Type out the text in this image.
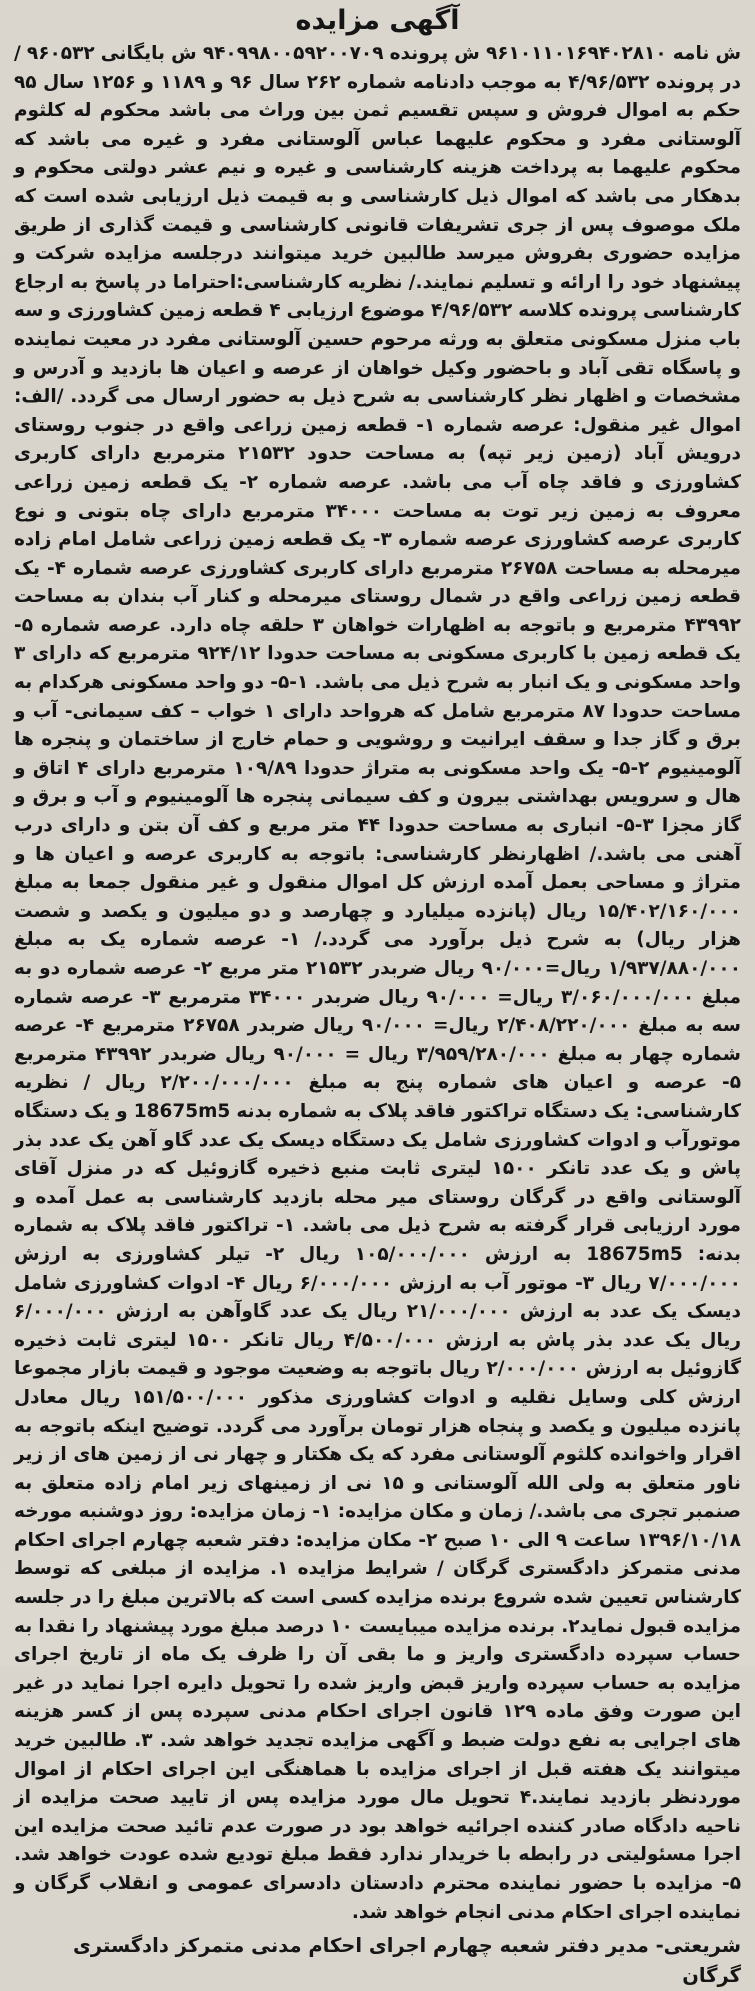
آگهی مزایده

ش نامه ۹۶۱۰۱۱۰۱۶۹۴۰۲۸۱۰ ش پرونده ۹۴۰۹۹۸۰۰۵۹۲۰۰۷۰۹ ش بایگانی ۹۶۰۵۳۲ / در پرونده ۴/۹۶/۵۳۲ به موجب دادنامه شماره ۲۶۲ سال ۹۶ و ۱۱۸۹ و ۱۲۵۶ سال ۹۵ حکم به اموال فروش و سپس تقسیم ثمن بین وراث می باشد محکوم له کلثوم آلوستانی مفرد و محکوم علیهما عباس آلوستانی مفرد و غیره می باشد که محکوم علیهما به پرداخت هزینه کارشناسی و غیره و نیم عشر دولتی محکوم و بدهکار می باشد که اموال ذیل کارشناسی و به قیمت ذیل ارزیابی شده است که ملک موصوف پس از جری تشریفات قانونی کارشناسی و قیمت گذاری از طریق مزایده حضوری بفروش میرسد طالبین خرید میتوانند درجلسه مزایده شرکت و پیشنهاد خود را ارائه و تسلیم نمایند./ نظریه کارشناسی:احتراما در پاسخ به ارجاع کارشناسی پرونده کلاسه ۴/۹۶/۵۳۲ موضوع ارزیابی ۴ قطعه زمین کشاورزی و سه باب منزل مسکونی متعلق به ورثه مرحوم حسین آلوستانی مفرد در معیت نماینده و پاسگاه تقی آباد و باحضور وکیل خواهان از عرصه و اعیان ها بازدید و آدرس و مشخصات و اظهار نظر کارشناسی به شرح ذیل به حضور ارسال می گردد. /الف: اموال غیر منقول: عرصه شماره ۱- قطعه زمین زراعی واقع در جنوب روستای درویش آباد (زمین زیر تپه) به مساحت حدود ۲۱۵۳۲ مترمربع دارای کاربری کشاورزی و فاقد چاه آب می باشد. عرصه شماره ۲- یک قطعه زمین زراعی معروف به زمین زیر توت به مساحت ۳۴۰۰۰ مترمربع دارای چاه بتونی و نوع کاربری عرصه کشاورزی عرصه شماره ۳- یک قطعه زمین زراعی شامل امام زاده میرمحله به مساحت ۲۶۷۵۸ مترمربع دارای کاربری کشاورزی عرصه شماره ۴- یک قطعه زمین زراعی واقع در شمال روستای میرمحله و کنار آب بندان به مساحت ۴۳۹۹۲ مترمربع و باتوجه به اظهارات خواهان ۳ حلقه چاه دارد. عرصه شماره ۵- یک قطعه زمین با کاربری مسکونی به مساحت حدودا ۹۲۴/۱۲ مترمربع که دارای ۳ واحد مسکونی و یک انبار به شرح ذیل می باشد. ۱-۵- دو واحد مسکونی هرکدام به مساحت حدودا ۸۷ مترمربع شامل که هرواحد دارای ۱ خواب – کف سیمانی- آب و برق و گاز جدا و سقف ایرانیت و روشویی و حمام خارج از ساختمان و پنجره ها آلومینیوم ۲-۵- یک واحد مسکونی به متراژ حدودا ۱۰۹/۸۹ مترمربع دارای ۴ اتاق و هال و سرویس بهداشتی بیرون و کف سیمانی پنجره ها آلومینیوم و آب و برق و گاز مجزا ۳-۵- انباری به مساحت حدودا ۴۴ متر مربع و کف آن بتن و دارای درب آهنی می باشد./ اظهارنظر کارشناسی: باتوجه به کاربری عرصه و اعیان ها و متراژ و مساحی بعمل آمده ارزش کل اموال منقول و غیر منقول جمعا به مبلغ ۱۵/۴۰۲/۱۶۰/۰۰۰ ریال (پانزده میلیارد و چهارصد و دو میلیون و یکصد و شصت هزار ریال) به شرح ذیل برآورد می گردد./ ۱- عرصه شماره یک به مبلغ ۱/۹۳۷/۸۸۰/۰۰۰ ریال=۹۰/۰۰۰ ریال ضربدر ۲۱۵۳۲ متر مربع ۲- عرصه شماره دو به مبلغ ۳/۰۶۰/۰۰۰/۰۰۰ ریال= ۹۰/۰۰۰ ریال ضربدر ۳۴۰۰۰ مترمربع ۳- عرصه شماره سه به مبلغ ۲/۴۰۸/۲۲۰/۰۰۰ ریال= ۹۰/۰۰۰ ریال ضربدر ۲۶۷۵۸ مترمربع ۴- عرصه شماره چهار به مبلغ ۳/۹۵۹/۲۸۰/۰۰۰ ریال = ۹۰/۰۰۰ ریال ضربدر ۴۳۹۹۲ مترمربع ۵- عرصه و اعیان های شماره پنج به مبلغ ۲/۲۰۰/۰۰۰/۰۰۰ ریال / نظریه کارشناسی: یک دستگاه تراکتور فاقد پلاک به شماره بدنه 18675m5 و یک دستگاه موتورآب و ادوات کشاورزی شامل یک دستگاه دیسک یک عدد گاو آهن یک عدد بذر پاش و یک عدد تانکر ۱۵۰۰ لیتری ثابت منبع ذخیره گازوئیل که در منزل آقای آلوستانی واقع در گرگان روستای میر محله بازدید کارشناسی به عمل آمده و مورد ارزیابی قرار گرفته به شرح ذیل می باشد. ۱- تراکتور فاقد پلاک به شماره بدنه: 18675m5 به ارزش ۱۰۵/۰۰۰/۰۰۰ ریال ۲- تیلر کشاورزی به ارزش ۷/۰۰۰/۰۰۰ ریال ۳- موتور آب به ارزش ۶/۰۰۰/۰۰۰ ریال ۴- ادوات کشاورزی شامل دیسک یک عدد به ارزش ۲۱/۰۰۰/۰۰۰ ریال یک عدد گاوآهن به ارزش ۶/۰۰۰/۰۰۰ ریال یک عدد بذر پاش به ارزش ۴/۵۰۰/۰۰۰ ریال تانکر ۱۵۰۰ لیتری ثابت ذخیره گازوئیل به ارزش ۲/۰۰۰/۰۰۰ ریال باتوجه به وضعیت موجود و قیمت بازار مجموعا ارزش کلی وسایل نقلیه و ادوات کشاورزی مذکور ۱۵۱/۵۰۰/۰۰۰ ریال معادل پانزده میلیون و یکصد و پنجاه هزار تومان برآورد می گردد. توضیح اینکه باتوجه به اقرار واخوانده کلثوم آلوستانی مفرد که یک هکتار و چهار نی از زمین های از زیر ناور متعلق به ولی الله آلوستانی و ۱۵ نی از زمینهای زیر امام زاده متعلق به صنمبر تجری می باشد./ زمان و مکان مزایده: ۱- زمان مزایده: روز دوشنبه مورخه ۱۳۹۶/۱۰/۱۸ ساعت ۹ الی ۱۰ صبح ۲- مکان مزایده: دفتر شعبه چهارم اجرای احکام مدنی متمرکز دادگستری گرگان / شرایط مزایده ۱. مزایده از مبلغی که توسط کارشناس تعیین شده شروع برنده مزایده کسی است که بالاترین مبلغ را در جلسه مزایده قبول نماید۲. برنده مزایده میبایست ۱۰ درصد مبلغ مورد پیشنهاد را نقدا به حساب سپرده دادگستری واریز و ما بقی آن را ظرف یک ماه از تاریخ اجرای مزایده به حساب سپرده واریز قبض واریز شده را تحویل دایره اجرا نماید در غیر این صورت وفق ماده ۱۲۹ قانون اجرای احکام مدنی سپرده پس از کسر هزینه های اجرایی به نفع دولت ضبط و آگهی مزایده تجدید خواهد شد. ۳. طالبین خرید میتوانند یک هفته قبل از اجرای مزایده با هماهنگی این اجرای احکام از اموال موردنظر بازدید نمایند.۴ تحویل مال مورد مزایده پس از تایید صحت مزایده از ناحیه دادگاه صادر کننده اجرائیه خواهد بود در صورت عدم تائید صحت مزایده این اجرا مسئولیتی در رابطه با خریدار ندارد فقط مبلغ تودیع شده عودت خواهد شد. ۵- مزایده با حضور نماینده محترم دادستان دادسرای عمومی و انقلاب گرگان و نماینده اجرای احکام مدنی انجام خواهد شد.

شریعتی- مدیر دفتر شعبه چهارم اجرای احکام مدنی متمرکز دادگستری گرگان
